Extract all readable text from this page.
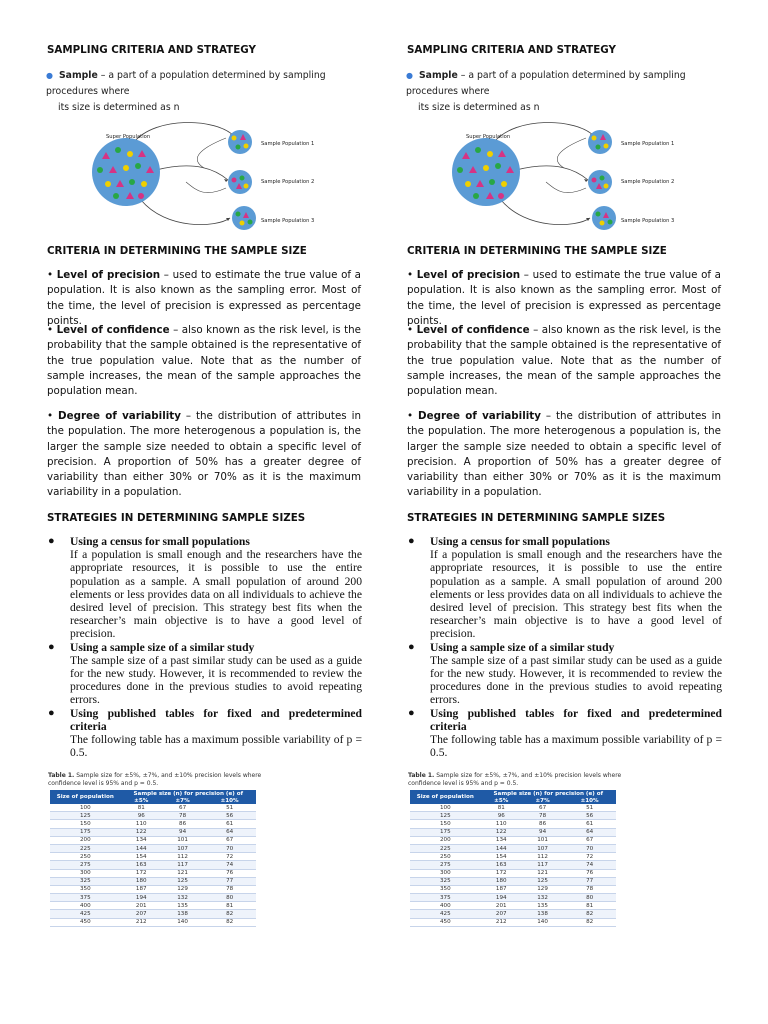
SAMPLING CRITERIA AND STRATEGY
● Sample – a part of a population determined by sampling procedures where
its size is determined as n
Super Population
Sample Population 1
Sample Population 2
Sample Population 3
CRITERIA IN DETERMINING THE SAMPLE SIZE
• Level of precision – used to estimate the true value of a population. It is also known as the sampling error. Most of the time, the level of precision is expressed as percentage points.
• Level of confidence – also known as the risk level, is the probability that the sample obtained is the representative of the true population value. Note that as the number of sample increases, the mean of the sample approaches the population mean.
• Degree of variability – the distribution of attributes in the population. The more heterogenous a population is, the larger the sample size needed to obtain a specific level of precision. A proportion of 50% has a greater degree of variability than either 30% or 70% as it is the maximum variability in a population.
STRATEGIES IN DETERMINING SAMPLE SIZES
● Using a census for small populations
If a population is small enough and the researchers have the appropriate resources, it is possible to use the entire population as a sample. A small population of around 200 elements or less provides data on all individuals to achieve the desired level of precision. This strategy best fits when the researcher’s main objective is to have a good level of precision.
● Using a sample size of a similar study
The sample size of a past similar study can be used as a guide for the new study. However, it is recommended to review the procedures done in the previous studies to avoid repeating errors.
● Using published tables for fixed and predetermined criteria
The following table has a maximum possible variability of p = 0.5.
Table 1. Sample size for ±5%, ±7%, and ±10% precision levels where confidence level is 95% and p = 0.5.
Size of population	Sample size (n) for precision (e) of		
	±5%	±7%	±10%
100	81	67	51
125	96	78	56
150	110	86	61
175	122	94	64
200	134	101	67
225	144	107	70
250	154	112	72
275	163	117	74
300	172	121	76
325	180	125	77
350	187	129	78
375	194	132	80
400	201	135	81
425	207	138	82
450	212	140	82
SAMPLING CRITERIA AND STRATEGY
● Sample – a part of a population determined by sampling procedures where
its size is determined as n
Super Population
Sample Population 1
Sample Population 2
Sample Population 3
CRITERIA IN DETERMINING THE SAMPLE SIZE
• Level of precision – used to estimate the true value of a population. It is also known as the sampling error. Most of the time, the level of precision is expressed as percentage points.
• Level of confidence – also known as the risk level, is the probability that the sample obtained is the representative of the true population value. Note that as the number of sample increases, the mean of the sample approaches the population mean.
• Degree of variability – the distribution of attributes in the population. The more heterogenous a population is, the larger the sample size needed to obtain a specific level of precision. A proportion of 50% has a greater degree of variability than either 30% or 70% as it is the maximum variability in a population.
STRATEGIES IN DETERMINING SAMPLE SIZES
● Using a census for small populations
If a population is small enough and the researchers have the appropriate resources, it is possible to use the entire population as a sample. A small population of around 200 elements or less provides data on all individuals to achieve the desired level of precision. This strategy best fits when the researcher’s main objective is to have a good level of precision.
● Using a sample size of a similar study
The sample size of a past similar study can be used as a guide for the new study. However, it is recommended to review the procedures done in the previous studies to avoid repeating errors.
● Using published tables for fixed and predetermined criteria
The following table has a maximum possible variability of p = 0.5.
Table 1. Sample size for ±5%, ±7%, and ±10% precision levels where confidence level is 95% and p = 0.5.
Size of population	Sample size (n) for precision (e) of		
	±5%	±7%	±10%
100	81	67	51
125	96	78	56
150	110	86	61
175	122	94	64
200	134	101	67
225	144	107	70
250	154	112	72
275	163	117	74
300	172	121	76
325	180	125	77
350	187	129	78
375	194	132	80
400	201	135	81
425	207	138	82
450	212	140	82
